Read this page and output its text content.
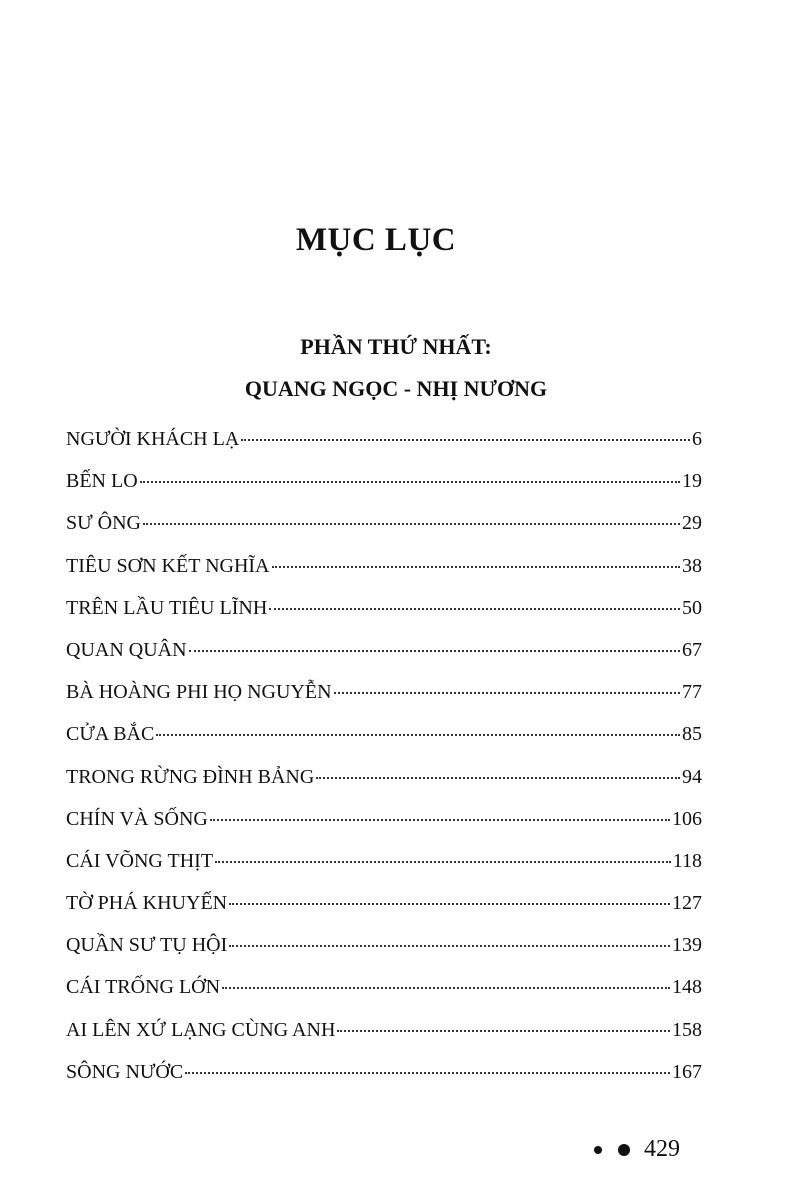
MỤC LỤC
PHẦN THỨ NHẤT:
QUANG NGỌC - NHỊ NƯƠNG
NGƯỜI KHÁCH LẠ	6
BẾN LO	19
SƯ ÔNG	29
TIÊU SƠN KẾT NGHĨA	38
TRÊN LẦU TIÊU LĨNH	50
QUAN QUÂN	67
BÀ HOÀNG PHI HỌ NGUYỄN	77
CỬA BẮC	85
TRONG RỪNG ĐÌNH BẢNG	94
CHÍN VÀ SỐNG	106
CÁI VÕNG THỊT	118
TỜ PHÁ KHUYẾN	127
QUẦN SƯ TỤ HỘI	139
CÁI TRỐNG LỚN	148
AI LÊN XỨ LẠNG CÙNG ANH	158
SÔNG NƯỚC	167
429
